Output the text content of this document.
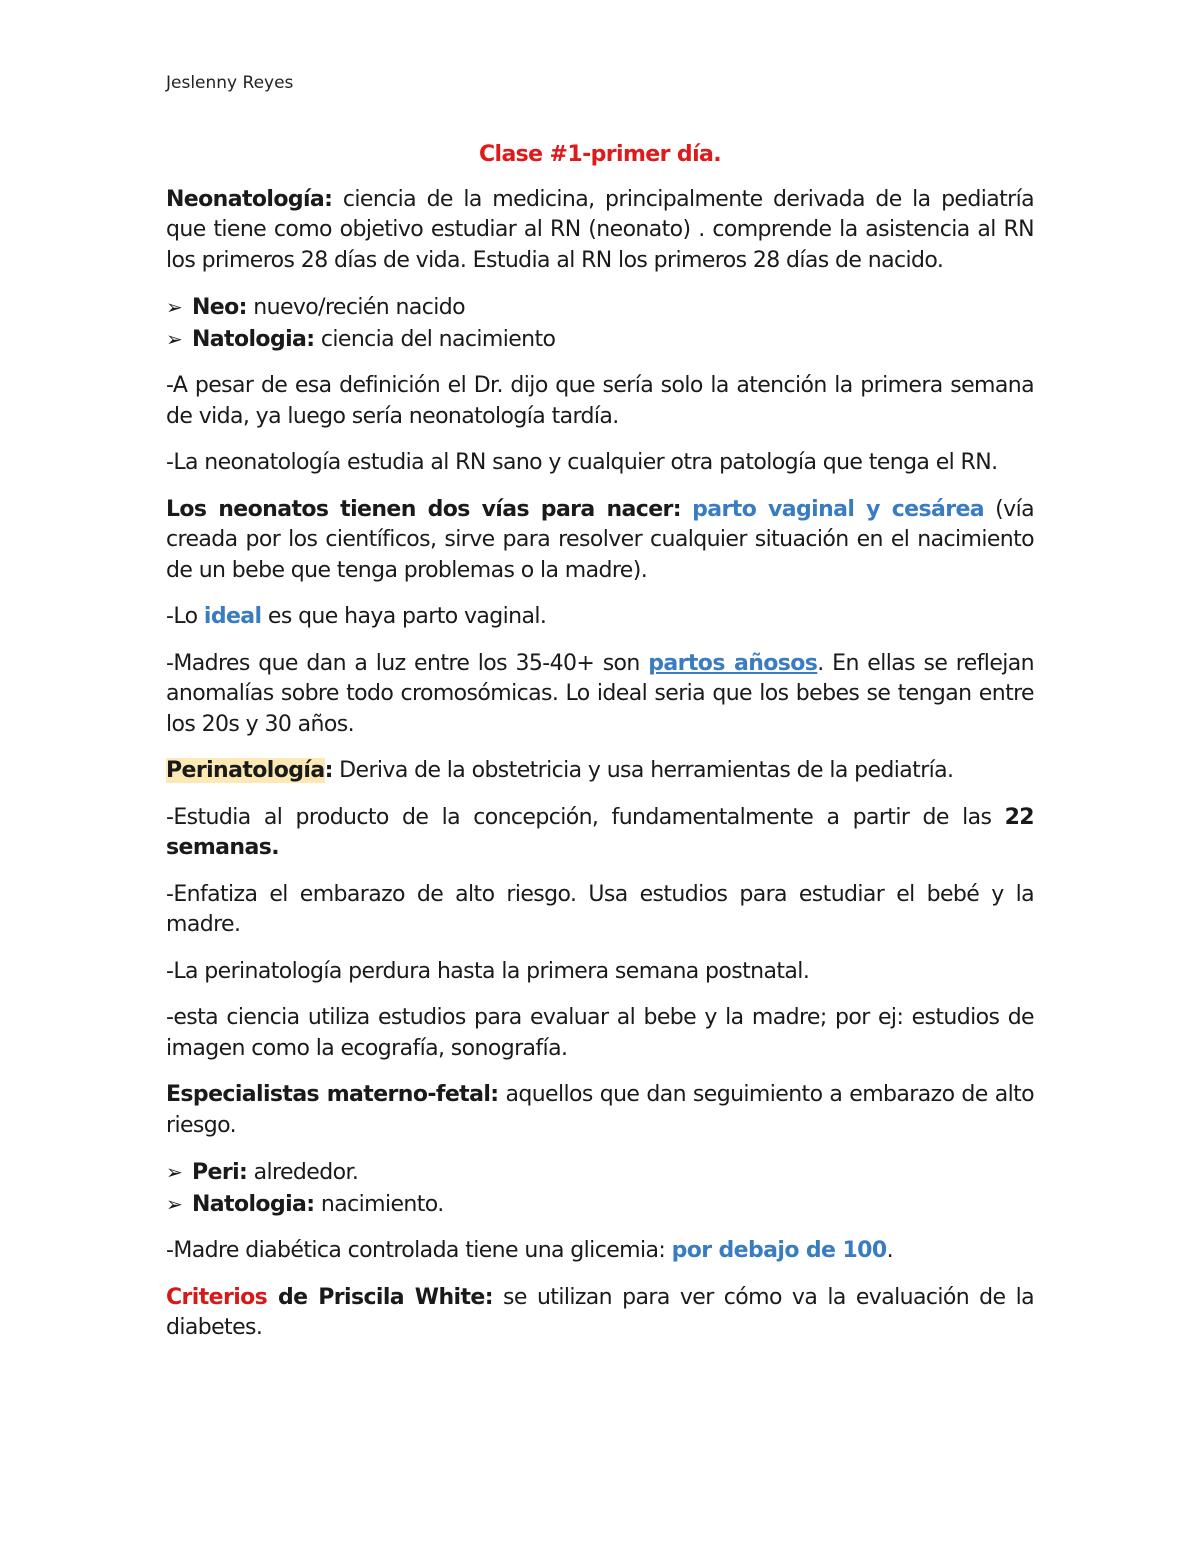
Jeslenny Reyes
Clase #1-primer día.

Neonatología: ciencia de la medicina, principalmente derivada de la pediatría que tiene como objetivo estudiar al RN (neonato) . comprende la asistencia al RN los primeros 28 días de vida. Estudia al RN los primeros 28 días de nacido.

➢ Neo: nuevo/recién nacido
➢ Natologia: ciencia del nacimiento

-A pesar de esa definición el Dr. dijo que sería solo la atención la primera semana de vida, ya luego sería neonatología tardía.

-La neonatología estudia al RN sano y cualquier otra patología que tenga el RN.

Los neonatos tienen dos vías para nacer: parto vaginal y cesárea (vía creada por los científicos, sirve para resolver cualquier situación en el nacimiento de un bebe que tenga problemas o la madre).

-Lo ideal es que haya parto vaginal.

-Madres que dan a luz entre los 35-40+ son partos añosos. En ellas se reflejan anomalías sobre todo cromosómicas. Lo ideal seria que los bebes se tengan entre los 20s y 30 años.

Perinatología: Deriva de la obstetricia y usa herramientas de la pediatría.

-Estudia al producto de la concepción, fundamentalmente a partir de las 22 semanas.

-Enfatiza el embarazo de alto riesgo. Usa estudios para estudiar el bebé y la madre.

-La perinatología perdura hasta la primera semana postnatal.

-esta ciencia utiliza estudios para evaluar al bebe y la madre; por ej: estudios de imagen como la ecografía, sonografía.

Especialistas materno-fetal: aquellos que dan seguimiento a embarazo de alto riesgo.

➢ Peri: alrededor.
➢ Natologia: nacimiento.

-Madre diabética controlada tiene una glicemia: por debajo de 100.

Criterios de Priscila White: se utilizan para ver cómo va la evaluación de la diabetes.
